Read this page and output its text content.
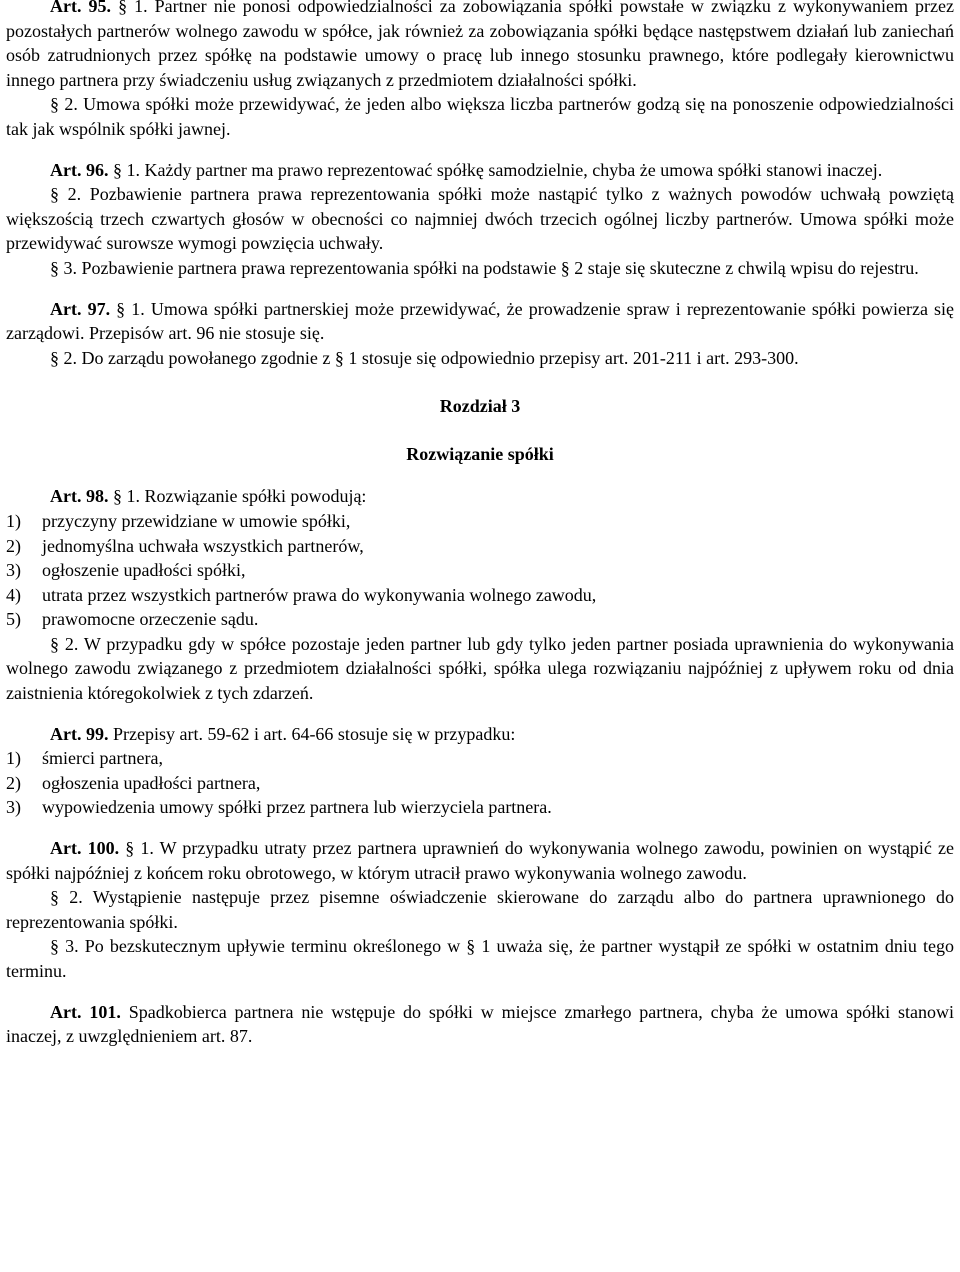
Art. 95. § 1. Partner nie ponosi odpowiedzialności za zobowiązania spółki powstałe w związku z wykonywaniem przez pozostałych partnerów wolnego zawodu w spółce, jak również za zobowiązania spółki będące następstwem działań lub zaniechań osób zatrudnionych przez spółkę na podstawie umowy o pracę lub innego stosunku prawnego, które podlegały kierownictwu innego partnera przy świadczeniu usług związanych z przedmiotem działalności spółki.

§ 2. Umowa spółki może przewidywać, że jeden albo większa liczba partnerów godzą się na ponoszenie odpowiedzialności tak jak wspólnik spółki jawnej.

Art. 96. § 1. Każdy partner ma prawo reprezentować spółkę samodzielnie, chyba że umowa spółki stanowi inaczej.

§ 2. Pozbawienie partnera prawa reprezentowania spółki może nastąpić tylko z ważnych powodów uchwałą powziętą większością trzech czwartych głosów w obecności co najmniej dwóch trzecich ogólnej liczby partnerów. Umowa spółki może przewidywać surowsze wymogi powzięcia uchwały.

§ 3. Pozbawienie partnera prawa reprezentowania spółki na podstawie § 2 staje się skuteczne z chwilą wpisu do rejestru.

Art. 97. § 1. Umowa spółki partnerskiej może przewidywać, że prowadzenie spraw i reprezentowanie spółki powierza się zarządowi. Przepisów art. 96 nie stosuje się.

§ 2. Do zarządu powołanego zgodnie z § 1 stosuje się odpowiednio przepisy art. 201-211 i art. 293-300.

Rozdział 3

Rozwiązanie spółki

Art. 98. § 1. Rozwiązanie spółki powodują:

1)	przyczyny przewidziane w umowie spółki,
2)	jednomyślna uchwała wszystkich partnerów,
3)	ogłoszenie upadłości spółki,
4)	utrata przez wszystkich partnerów prawa do wykonywania wolnego zawodu,
5)	prawomocne orzeczenie sądu.

§ 2. W przypadku gdy w spółce pozostaje jeden partner lub gdy tylko jeden partner posiada uprawnienia do wykonywania wolnego zawodu związanego z przedmiotem działalności spółki, spółka ulega rozwiązaniu najpóźniej z upływem roku od dnia zaistnienia któregokolwiek z tych zdarzeń.

Art. 99. Przepisy art. 59-62 i art. 64-66 stosuje się w przypadku:

1)	śmierci partnera,
2)	ogłoszenia upadłości partnera,
3)	wypowiedzenia umowy spółki przez partnera lub wierzyciela partnera.

Art. 100. § 1. W przypadku utraty przez partnera uprawnień do wykonywania wolnego zawodu, powinien on wystąpić ze spółki najpóźniej z końcem roku obrotowego, w którym utracił prawo wykonywania wolnego zawodu.

§ 2. Wystąpienie następuje przez pisemne oświadczenie skierowane do zarządu albo do partnera uprawnionego do reprezentowania spółki.

§ 3. Po bezskutecznym upływie terminu określonego w § 1 uważa się, że partner wystąpił ze spółki w ostatnim dniu tego terminu.

Art. 101. Spadkobierca partnera nie wstępuje do spółki w miejsce zmarłego partnera, chyba że umowa spółki stanowi inaczej, z uwzględnieniem art. 87.
